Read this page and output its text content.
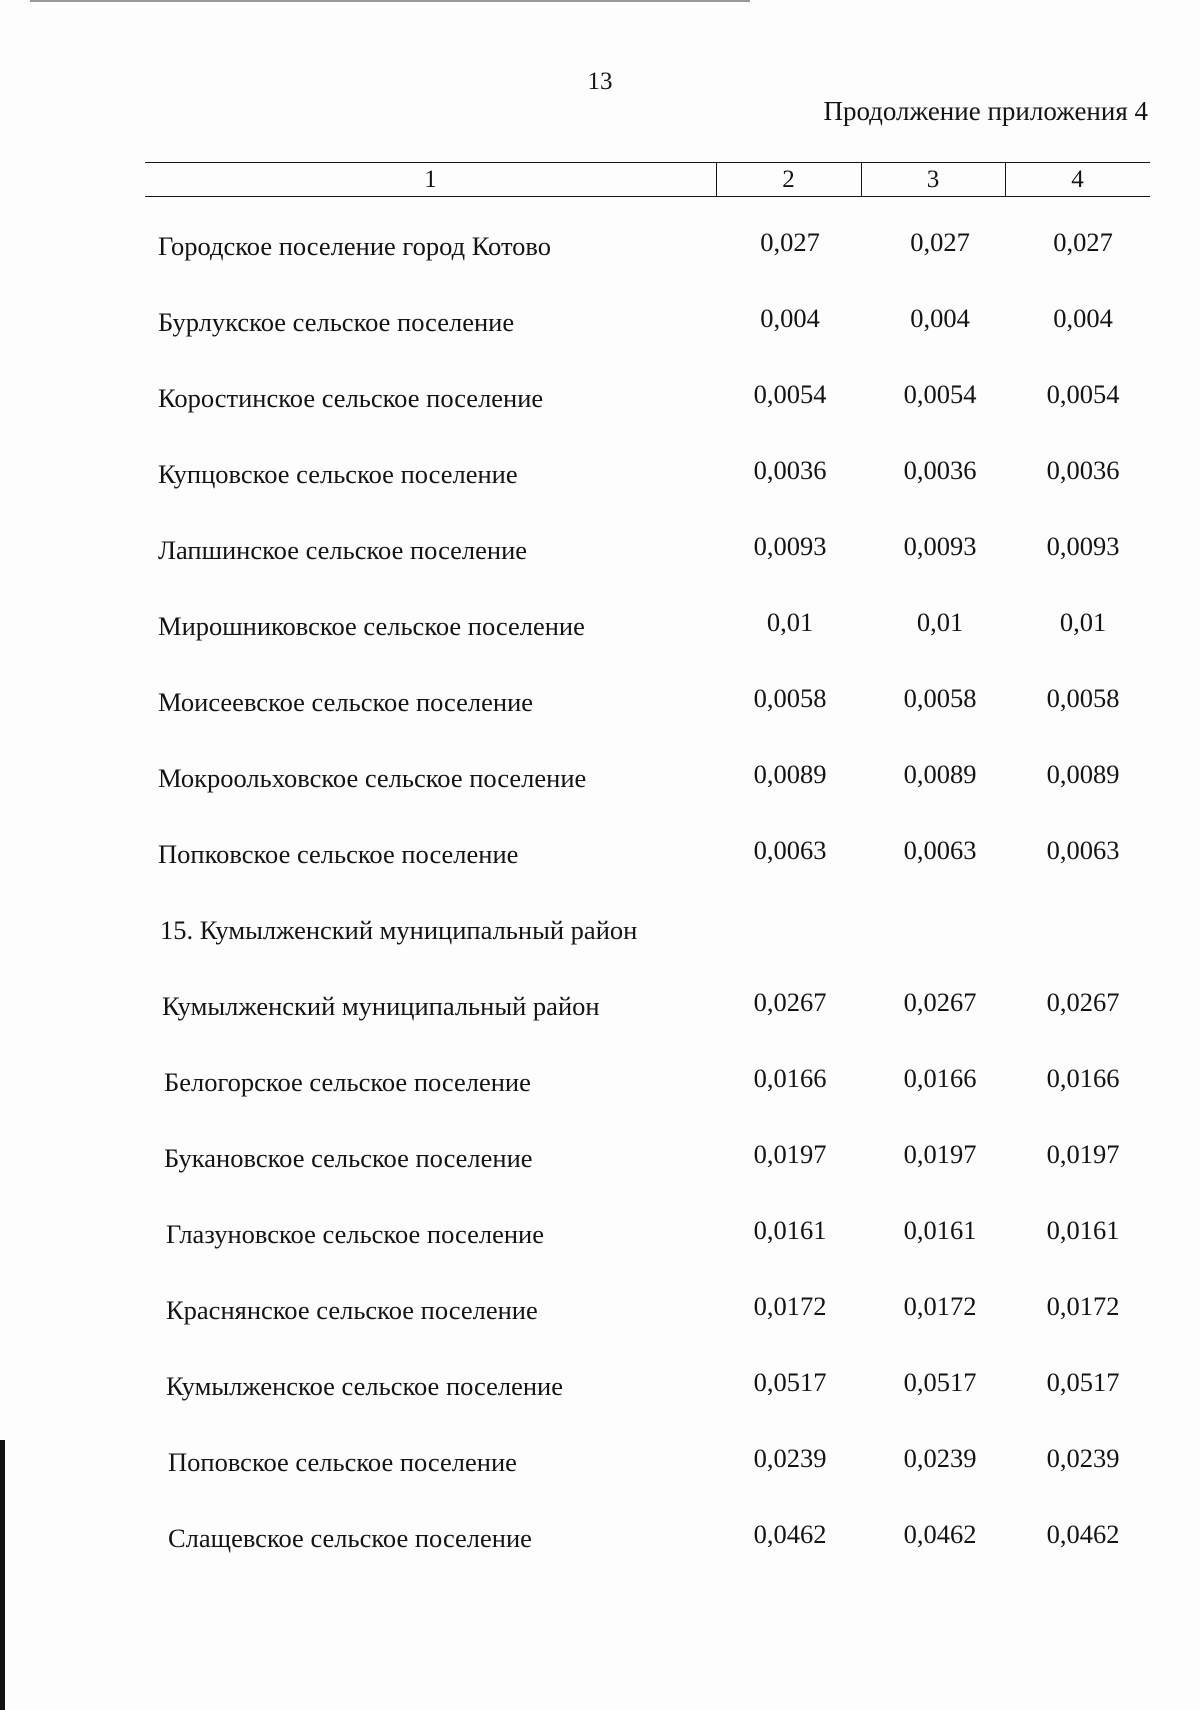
13
Продолжение приложения 4
1	2	3	4
Городское поселение город Котово	0,027	0,027	0,027
Бурлукское сельское поселение	0,004	0,004	0,004
Коростинское сельское поселение	0,0054	0,0054	0,0054
Купцовское сельское поселение	0,0036	0,0036	0,0036
Лапшинское сельское поселение	0,0093	0,0093	0,0093
Мирошниковское сельское поселение	0,01	0,01	0,01
Моисеевское сельское поселение	0,0058	0,0058	0,0058
Мокроольховское сельское поселение	0,0089	0,0089	0,0089
Попковское сельское поселение	0,0063	0,0063	0,0063
15. Кумылженский муниципальный район
Кумылженский муниципальный район	0,0267	0,0267	0,0267
Белогорское сельское поселение	0,0166	0,0166	0,0166
Букановское сельское поселение	0,0197	0,0197	0,0197
Глазуновское сельское поселение	0,0161	0,0161	0,0161
Краснянское сельское поселение	0,0172	0,0172	0,0172
Кумылженское сельское поселение	0,0517	0,0517	0,0517
Поповское сельское поселение	0,0239	0,0239	0,0239
Слащевское сельское поселение	0,0462	0,0462	0,0462
